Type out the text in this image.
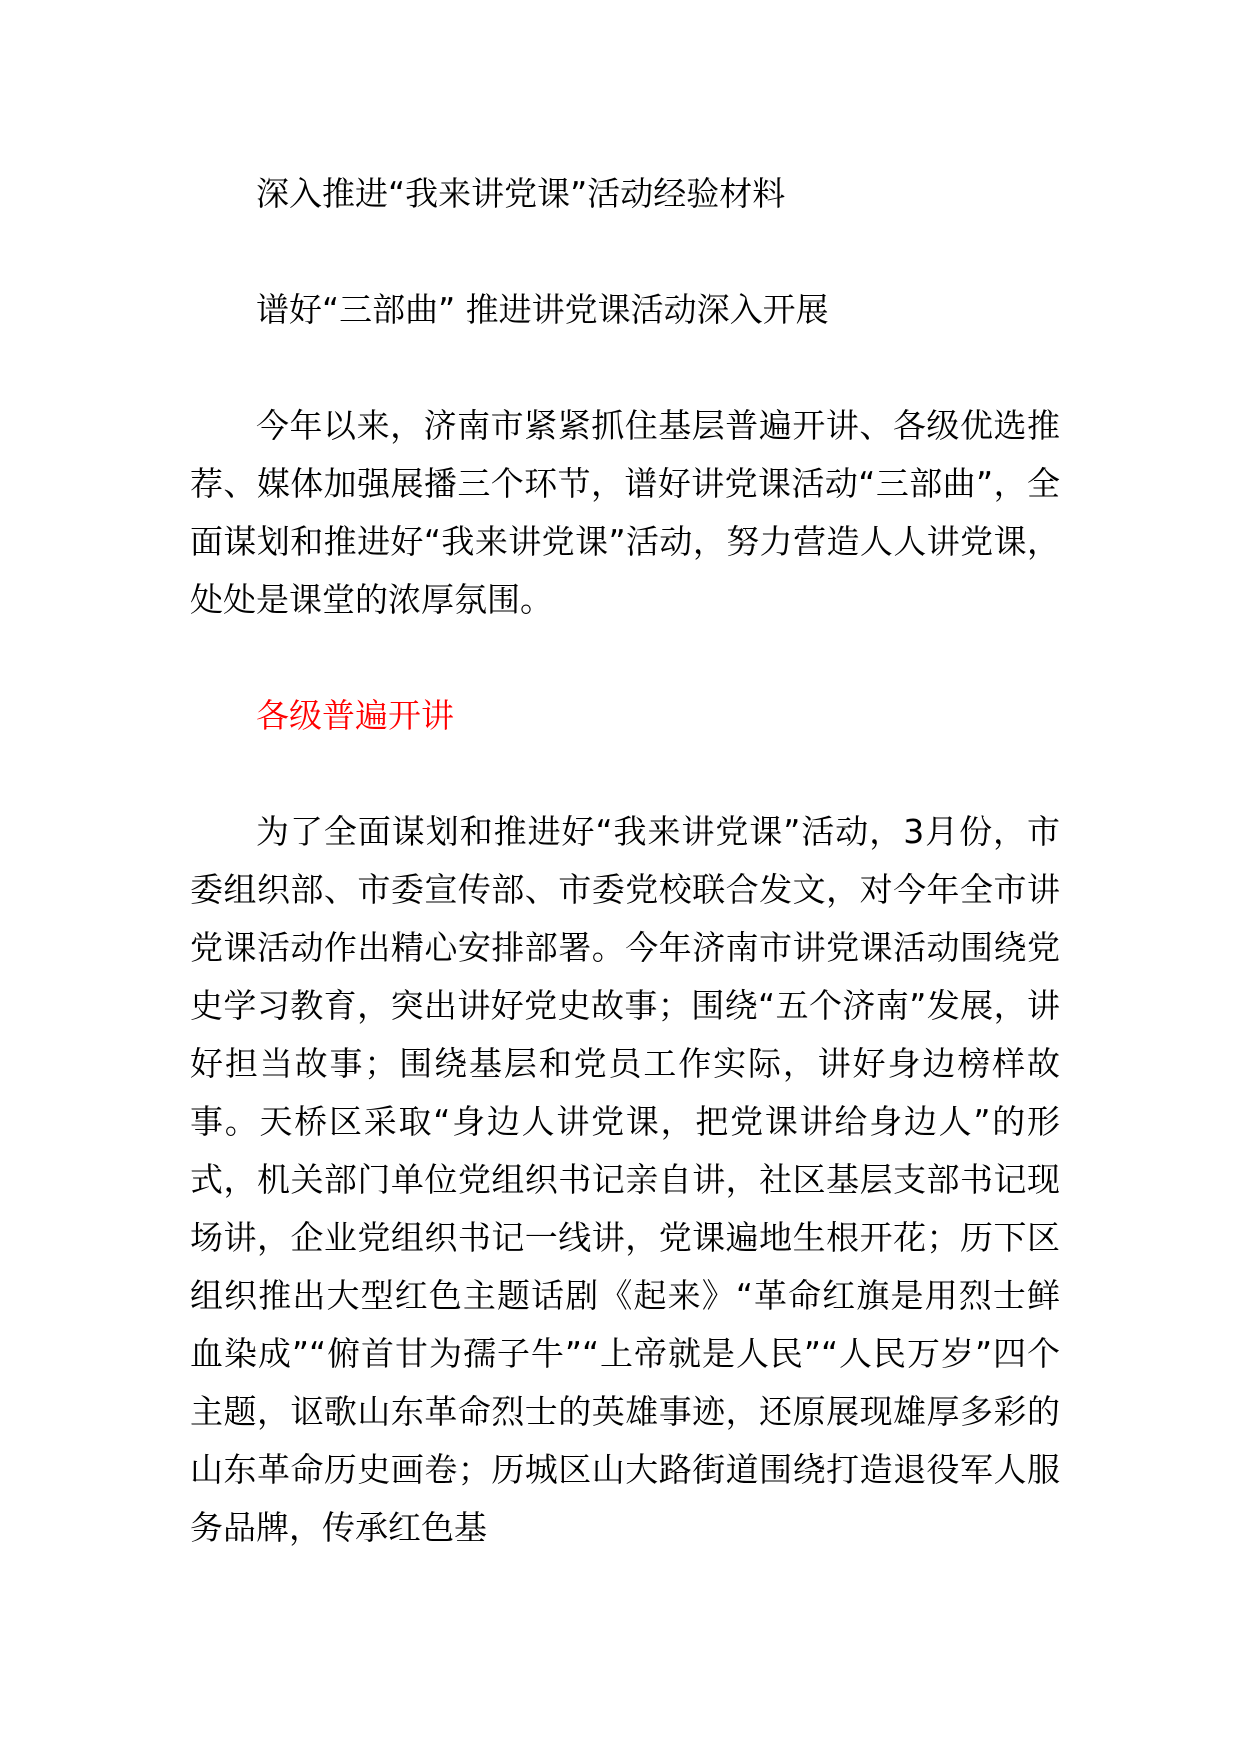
深入推进“我来讲党课”活动经验材料

谱好“三部曲” 推进讲党课活动深入开展

今年以来，济南市紧紧抓住基层普遍开讲、各级优选推荐、媒体加强展播三个环节，谱好讲党课活动“三部曲”，全面谋划和推进好“我来讲党课”活动，努力营造人人讲党课，处处是课堂的浓厚氛围。

各级普遍开讲

为了全面谋划和推进好“我来讲党课”活动，3月份，市委组织部、市委宣传部、市委党校联合发文，对今年全市讲党课活动作出精心安排部署。今年济南市讲党课活动围绕党史学习教育，突出讲好党史故事；围绕“五个济南”发展，讲好担当故事；围绕基层和党员工作实际，讲好身边榜样故事。天桥区采取“身边人讲党课，把党课讲给身边人”的形式，机关部门单位党组织书记亲自讲，社区基层支部书记现场讲，企业党组织书记一线讲，党课遍地生根开花；历下区组织推出大型红色主题话剧《起来》“革命红旗是用烈士鲜血染成”“俯首甘为孺子牛”“上帝就是人民”“人民万岁”四个主题，讴歌山东革命烈士的英雄事迹，还原展现雄厚多彩的山东革命历史画卷；历城区山大路街道围绕打造退役军人服务品牌，传承红色基
